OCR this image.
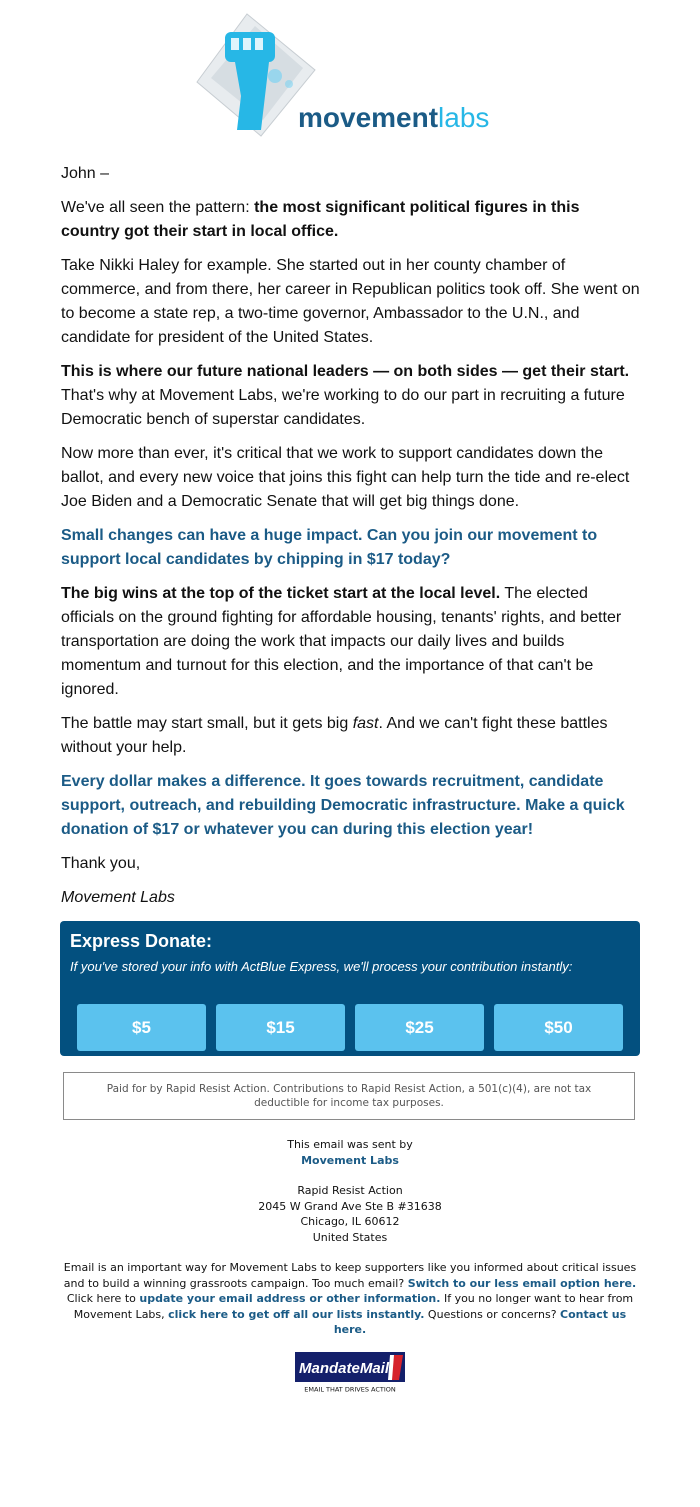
movementlabs

John –

We've all seen the pattern: the most significant political figures in this country got their start in local office.

Take Nikki Haley for example. She started out in her county chamber of commerce, and from there, her career in Republican politics took off. She went on to become a state rep, a two-time governor, Ambassador to the U.N., and candidate for president of the United States.

This is where our future national leaders — on both sides — get their start. That's why at Movement Labs, we're working to do our part in recruiting a future Democratic bench of superstar candidates.

Now more than ever, it's critical that we work to support candidates down the ballot, and every new voice that joins this fight can help turn the tide and re-elect Joe Biden and a Democratic Senate that will get big things done.

Small changes can have a huge impact. Can you join our movement to support local candidates by chipping in $17 today?

The big wins at the top of the ticket start at the local level. The elected officials on the ground fighting for affordable housing, tenants' rights, and better transportation are doing the work that impacts our daily lives and builds momentum and turnout for this election, and the importance of that can't be ignored.

The battle may start small, but it gets big fast. And we can't fight these battles without your help.

Every dollar makes a difference. It goes towards recruitment, candidate support, outreach, and rebuilding Democratic infrastructure. Make a quick donation of $17 or whatever you can during this election year!

Thank you,

Movement Labs

Express Donate:
If you've stored your info with ActBlue Express, we'll process your contribution instantly:
$5	$15	$25	$50
Paid for by Rapid Resist Action. Contributions to Rapid Resist Action, a 501(c)(4), are not tax deductible for income tax purposes.
This email was sent by
Movement Labs
Rapid Resist Action
2045 W Grand Ave Ste B #31638
Chicago, IL 60612
United States
Email is an important way for Movement Labs to keep supporters like you informed about critical issues and to build a winning grassroots campaign. Too much email? Switch to our less email option here. Click here to update your email address or other information. If you no longer want to hear from Movement Labs, click here to get off all our lists instantly. Questions or concerns? Contact us here.
MandateMail
EMAIL THAT DRIVES ACTION
